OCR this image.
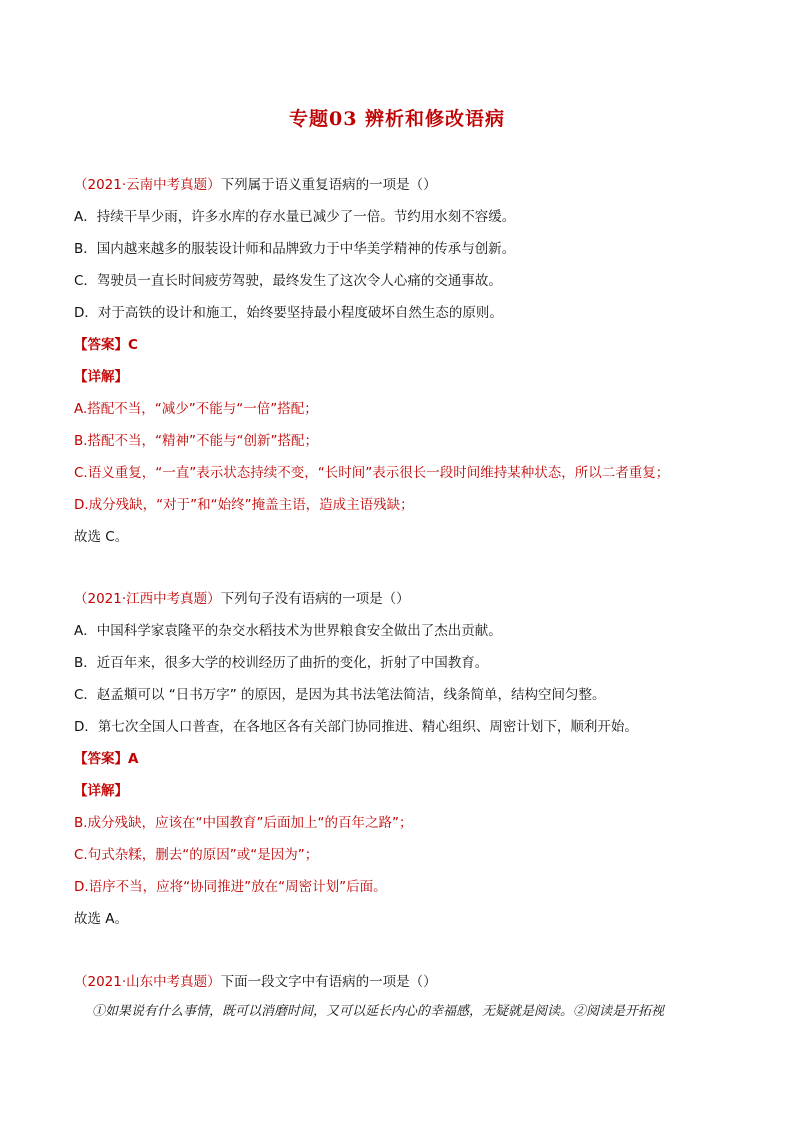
专题03 辨析和修改语病
（2021·云南中考真题）下列属于语义重复语病的一项是（）
A．持续干旱少雨，许多水库的存水量已减少了一倍。节约用水刻不容缓。
B．国内越来越多的服装设计师和品牌致力于中华美学精神的传承与创新。
C．驾驶员一直长时间疲劳驾驶，最终发生了这次令人心痛的交通事故。
D．对于高铁的设计和施工，始终要坚持最小程度破坏自然生态的原则。
【答案】C
【详解】
A.搭配不当，“减少”不能与“一倍”搭配；
B.搭配不当，“精神”不能与“创新”搭配；
C.语义重复，“一直”表示状态持续不变，“长时间”表示很长一段时间维持某种状态，所以二者重复；
D.成分残缺，“对于”和“始终”掩盖主语，造成主语残缺；
故选 C。
（2021·江西中考真题）下列句子没有语病的一项是（）
A．中国科学家袁隆平的杂交水稻技术为世界粮食安全做出了杰出贡献。
B．近百年来，很多大学的校训经历了曲折的变化，折射了中国教育。
C．赵孟頫可以 “日书万字” 的原因，是因为其书法笔法简洁，线条简单，结构空间匀整。
D．第七次全国人口普查，在各地区各有关部门协同推进、精心组织、周密计划下，顺利开始。
【答案】A
【详解】
B.成分残缺，应该在“中国教育”后面加上“的百年之路”；
C.句式杂糅，删去“的原因”或“是因为”；
D.语序不当，应将“协同推进”放在“周密计划”后面。
故选 A。
（2021·山东中考真题）下面一段文字中有语病的一项是（）
①如果说有什么事情，既可以消磨时间，又可以延长内心的幸福感，无疑就是阅读。②阅读是开拓视
